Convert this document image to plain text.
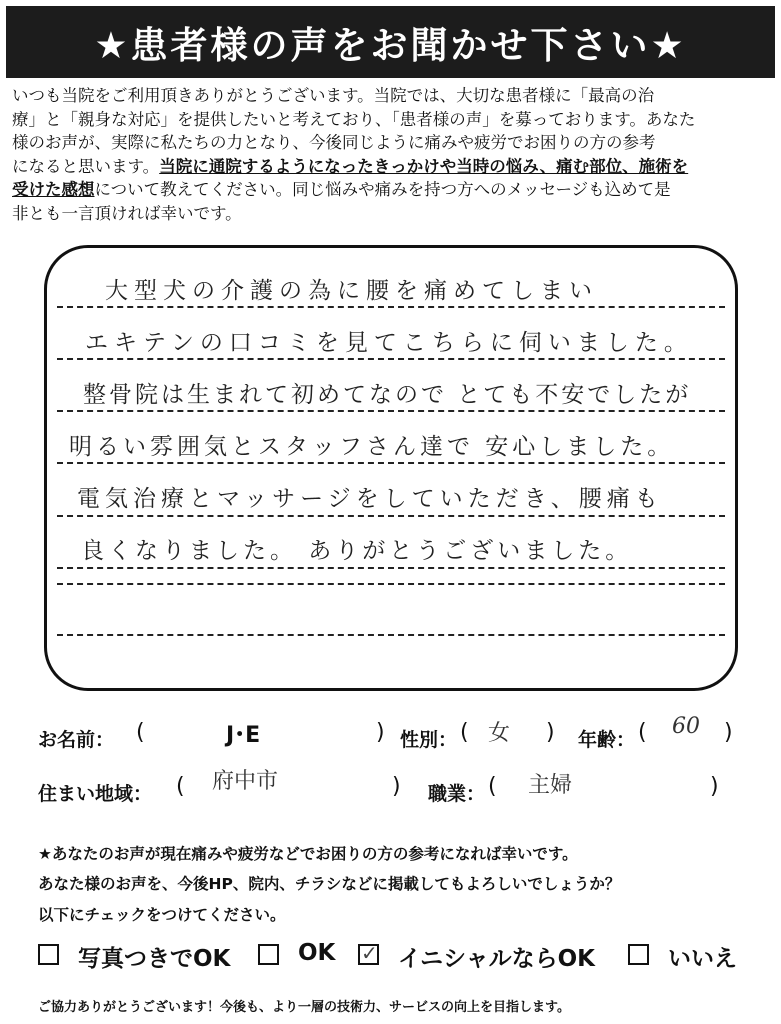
★患者様の声をお聞かせ下さい★
いつも当院をご利用頂きありがとうございます。当院では、大切な患者様に「最高の治
療」と「親身な対応」を提供したいと考えており、「患者様の声」を募っております。あなた
様のお声が、実際に私たちの力となり、今後同じように痛みや疲労でお困りの方の参考
になると思います。当院に通院するようになったきっかけや当時の悩み、痛む部位、施術を
受けた感想について教えてください。同じ悩みや痛みを持つ方へのメッセージも込めて是
非とも一言頂ければ幸いです。
大型犬の介護の為に腰を痛めてしまい
エキテンの口コミを見てこちらに伺いました。
整骨院は生まれて初めてなので とても不安でしたが
明るい雰囲気とスタッフさん達で 安心しました。
電気治療とマッサージをしていただき、腰痛も
良くなりました。 ありがとうございました。
お名前： (	J･E	) 性別： ( 女 ) 年齢： ( 60 )
住まい地域： ( 府中市	) 職業： ( 主婦	)
★あなたのお声が現在痛みや疲労などでお困りの方の参考になれば幸いです。
あなた様のお声を、今後HP、院内、チラシなどに掲載してもよろしいでしょうか？
以下にチェックをつけてください。
写真つきでOK	OK ✓ イニシャルならOK	いいえ
ご協力ありがとうございます！今後も、より一層の技術力、サービスの向上を目指します。
